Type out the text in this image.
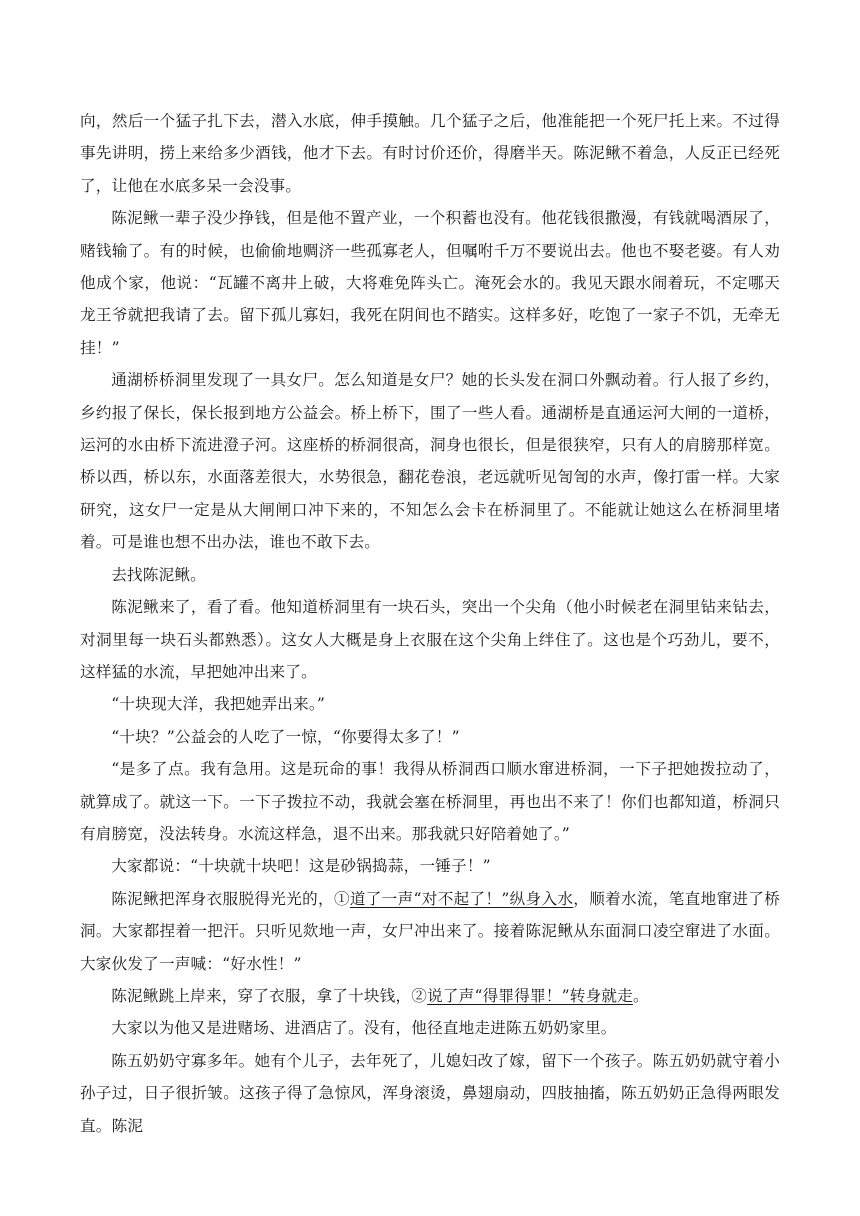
向，然后一个猛子扎下去，潜入水底，伸手摸触。几个猛子之后，他准能把一个死尸托上来。不过得事先讲明，捞上来给多少酒钱，他才下去。有时讨价还价，得磨半天。陈泥鳅不着急，人反正已经死了，让他在水底多呆一会没事。

陈泥鳅一辈子没少挣钱，但是他不置产业，一个积蓄也没有。他花钱很撒漫，有钱就喝酒尿了，赌钱输了。有的时候，也偷偷地赒济一些孤寡老人，但嘱咐千万不要说出去。他也不娶老婆。有人劝他成个家，他说：“瓦罐不离井上破，大将难免阵头亡。淹死会水的。我见天跟水闹着玩，不定哪天龙王爷就把我请了去。留下孤儿寡妇，我死在阴间也不踏实。这样多好，吃饱了一家子不饥，无牵无挂！”

通湖桥桥洞里发现了一具女尸。怎么知道是女尸？她的长头发在洞口外飘动着。行人报了乡约，乡约报了保长，保长报到地方公益会。桥上桥下，围了一些人看。通湖桥是直通运河大闸的一道桥，运河的水由桥下流进澄子河。这座桥的桥洞很高，洞身也很长，但是很狭窄，只有人的肩膀那样宽。桥以西，桥以东，水面落差很大，水势很急，翻花卷浪，老远就听见訇訇的水声，像打雷一样。大家研究，这女尸一定是从大闸闸口冲下来的，不知怎么会卡在桥洞里了。不能就让她这么在桥洞里堵着。可是谁也想不出办法，谁也不敢下去。

去找陈泥鳅。

陈泥鳅来了，看了看。他知道桥洞里有一块石头，突出一个尖角（他小时候老在洞里钻来钻去，对洞里每一块石头都熟悉）。这女人大概是身上衣服在这个尖角上绊住了。这也是个巧劲儿，要不，这样猛的水流，早把她冲出来了。

“十块现大洋，我把她弄出来。”

“十块？”公益会的人吃了一惊，“你要得太多了！”

“是多了点。我有急用。这是玩命的事！我得从桥洞西口顺水窜进桥洞，一下子把她拨拉动了，就算成了。就这一下。一下子拨拉不动，我就会塞在桥洞里，再也出不来了！你们也都知道，桥洞只有肩膀宽，没法转身。水流这样急，退不出来。那我就只好陪着她了。”

大家都说：“十块就十块吧！这是砂锅捣蒜，一锤子！”

陈泥鳅把浑身衣服脱得光光的，①道了一声“对不起了！”纵身入水，顺着水流，笔直地窜进了桥洞。大家都捏着一把汗。只听见欻地一声，女尸冲出来了。接着陈泥鳅从东面洞口凌空窜进了水面。大家伙发了一声喊：“好水性！”

陈泥鳅跳上岸来，穿了衣服，拿了十块钱，②说了声“得罪得罪！”转身就走。

大家以为他又是进赌场、进酒店了。没有，他径直地走进陈五奶奶家里。

陈五奶奶守寡多年。她有个儿子，去年死了，儿媳妇改了嫁，留下一个孩子。陈五奶奶就守着小孙子过，日子很折皱。这孩子得了急惊风，浑身滚烫，鼻翅扇动，四肢抽搐，陈五奶奶正急得两眼发直。陈泥
